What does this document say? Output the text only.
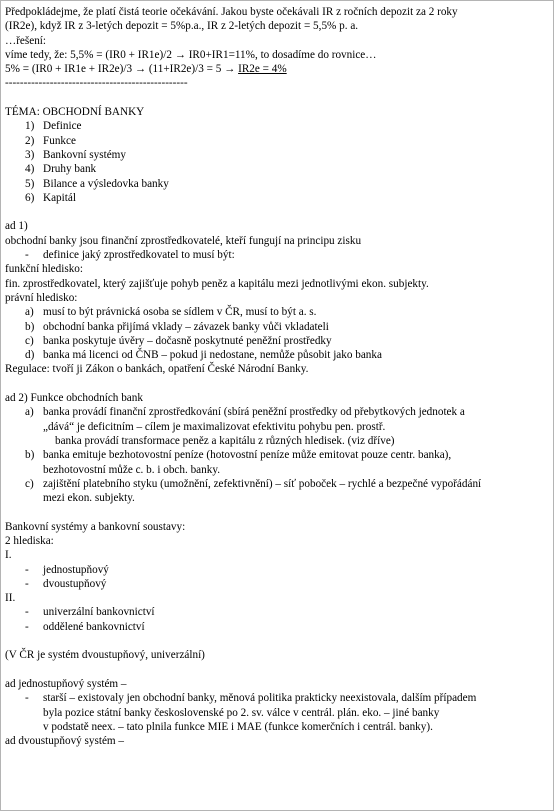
Předpokládejme, že platí čistá teorie očekávání. Jakou byste očekávali IR z ročních depozit za 2 roky
(IR2e), když IR z 3-letých depozit = 5%p.a., IR z 2-letých depozit = 5,5% p. a.
…řešení:
víme tedy, že: 5,5% = (IR0 + IR1e)/2 → IR0+IR1=11%, to dosadíme do rovnice…
5% = (IR0 + IR1e + IR2e)/3 → (11+IR2e)/3 = 5 → IR2e = 4%
-------------------------------------------------
TÉMA: OBCHODNÍ BANKY
1) Definice
2) Funkce
3) Bankovní systémy
4) Druhy bank
5) Bilance a výsledovka banky
6) Kapitál
ad 1)
obchodní banky jsou finanční zprostředkovatelé, kteří fungují na principu zisku
- definice jaký zprostředkovatel to musí být:
funkční hledisko:
fin. zprostředkovatel, který zajišťuje pohyb peněz a kapitálu mezi jednotlivými ekon. subjekty.
právní hledisko:
a) musí to být právnická osoba se sídlem v ČR, musí to být a. s.
b) obchodní banka přijímá vklady – závazek banky vůči vkladateli
c) banka poskytuje úvěry – dočasně poskytnuté peněžní prostředky
d) banka má licenci od ČNB – pokud ji nedostane, nemůže působit jako banka
Regulace: tvoří ji Zákon o bankách, opatření České Národní Banky.
ad 2) Funkce obchodních bank
a) banka provádí finanční zprostředkování (sbírá peněžní prostředky od přebytkových jednotek a
„dává“ je deficitním – cílem je maximalizovat efektivitu pohybu pen. prostř.
banka provádí transformace peněz a kapitálu z různých hledisek. (viz dříve)
b) banka emituje bezhotovostní peníze (hotovostní peníze může emitovat pouze centr. banka),
bezhotovostní může c. b. i obch. banky.
c) zajištění platebního styku (umožnění, zefektivnění) – síť poboček – rychlé a bezpečné vypořádání
mezi ekon. subjekty.
Bankovní systémy a bankovní soustavy:
2 hlediska:
I.
- jednostupňový
- dvoustupňový
II.
- univerzální bankovnictví
- oddělené bankovnictví
(V ČR je systém dvoustupňový, univerzální)
ad jednostupňový systém –
- starší – existovaly jen obchodní banky, měnová politika prakticky neexistovala, dalším případem
byla pozice státní banky československé po 2. sv. válce v centrál. plán. eko. – jiné banky
v podstatě neex. – tato plnila funkce MIE i MAE (funkce komerčních i centrál. banky).
ad dvoustupňový systém –
